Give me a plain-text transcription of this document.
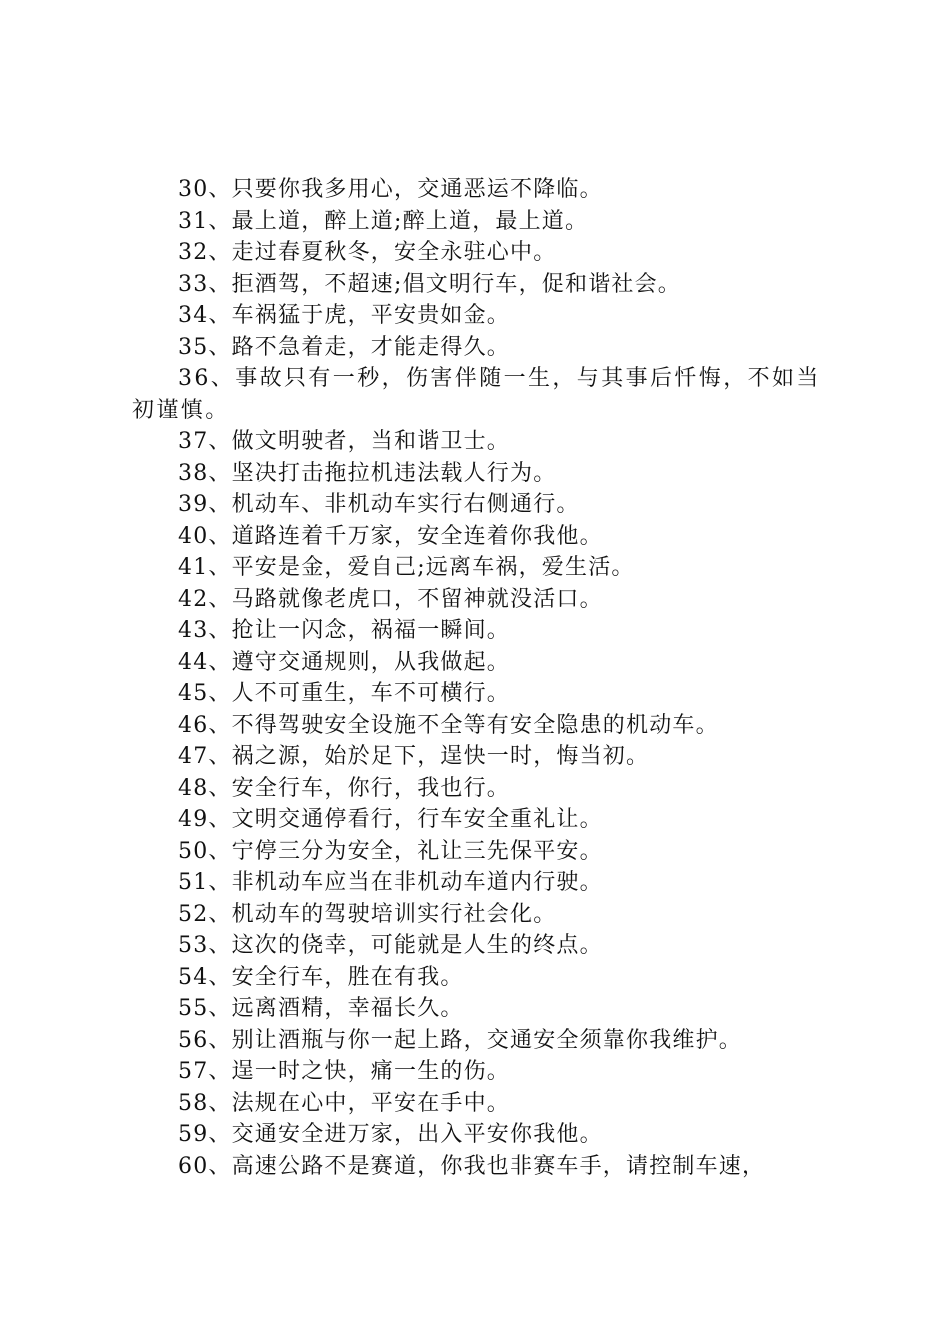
30、只要你我多用心，交通恶运不降临。
31、最上道，醉上道;醉上道，最上道。
32、走过春夏秋冬，安全永驻心中。
33、拒酒驾，不超速;倡文明行车，促和谐社会。
34、车祸猛于虎，平安贵如金。
35、路不急着走，才能走得久。
36、事故只有一秒，伤害伴随一生，与其事后忏悔，不如当初谨慎。
37、做文明驶者，当和谐卫士。
38、坚决打击拖拉机违法载人行为。
39、机动车、非机动车实行右侧通行。
40、道路连着千万家，安全连着你我他。
41、平安是金，爱自己;远离车祸，爱生活。
42、马路就像老虎口，不留神就没活口。
43、抢让一闪念，祸福一瞬间。
44、遵守交通规则，从我做起。
45、人不可重生，车不可横行。
46、不得驾驶安全设施不全等有安全隐患的机动车。
47、祸之源，始於足下，逞快一时，悔当初。
48、安全行车，你行，我也行。
49、文明交通停看行，行车安全重礼让。
50、宁停三分为安全，礼让三先保平安。
51、非机动车应当在非机动车道内行驶。
52、机动车的驾驶培训实行社会化。
53、这次的侥幸，可能就是人生的终点。
54、安全行车，胜在有我。
55、远离酒精，幸福长久。
56、别让酒瓶与你一起上路，交通安全须靠你我维护。
57、逞一时之快，痛一生的伤。
58、法规在心中，平安在手中。
59、交通安全进万家，出入平安你我他。
60、高速公路不是赛道，你我也非赛车手，请控制车速，
